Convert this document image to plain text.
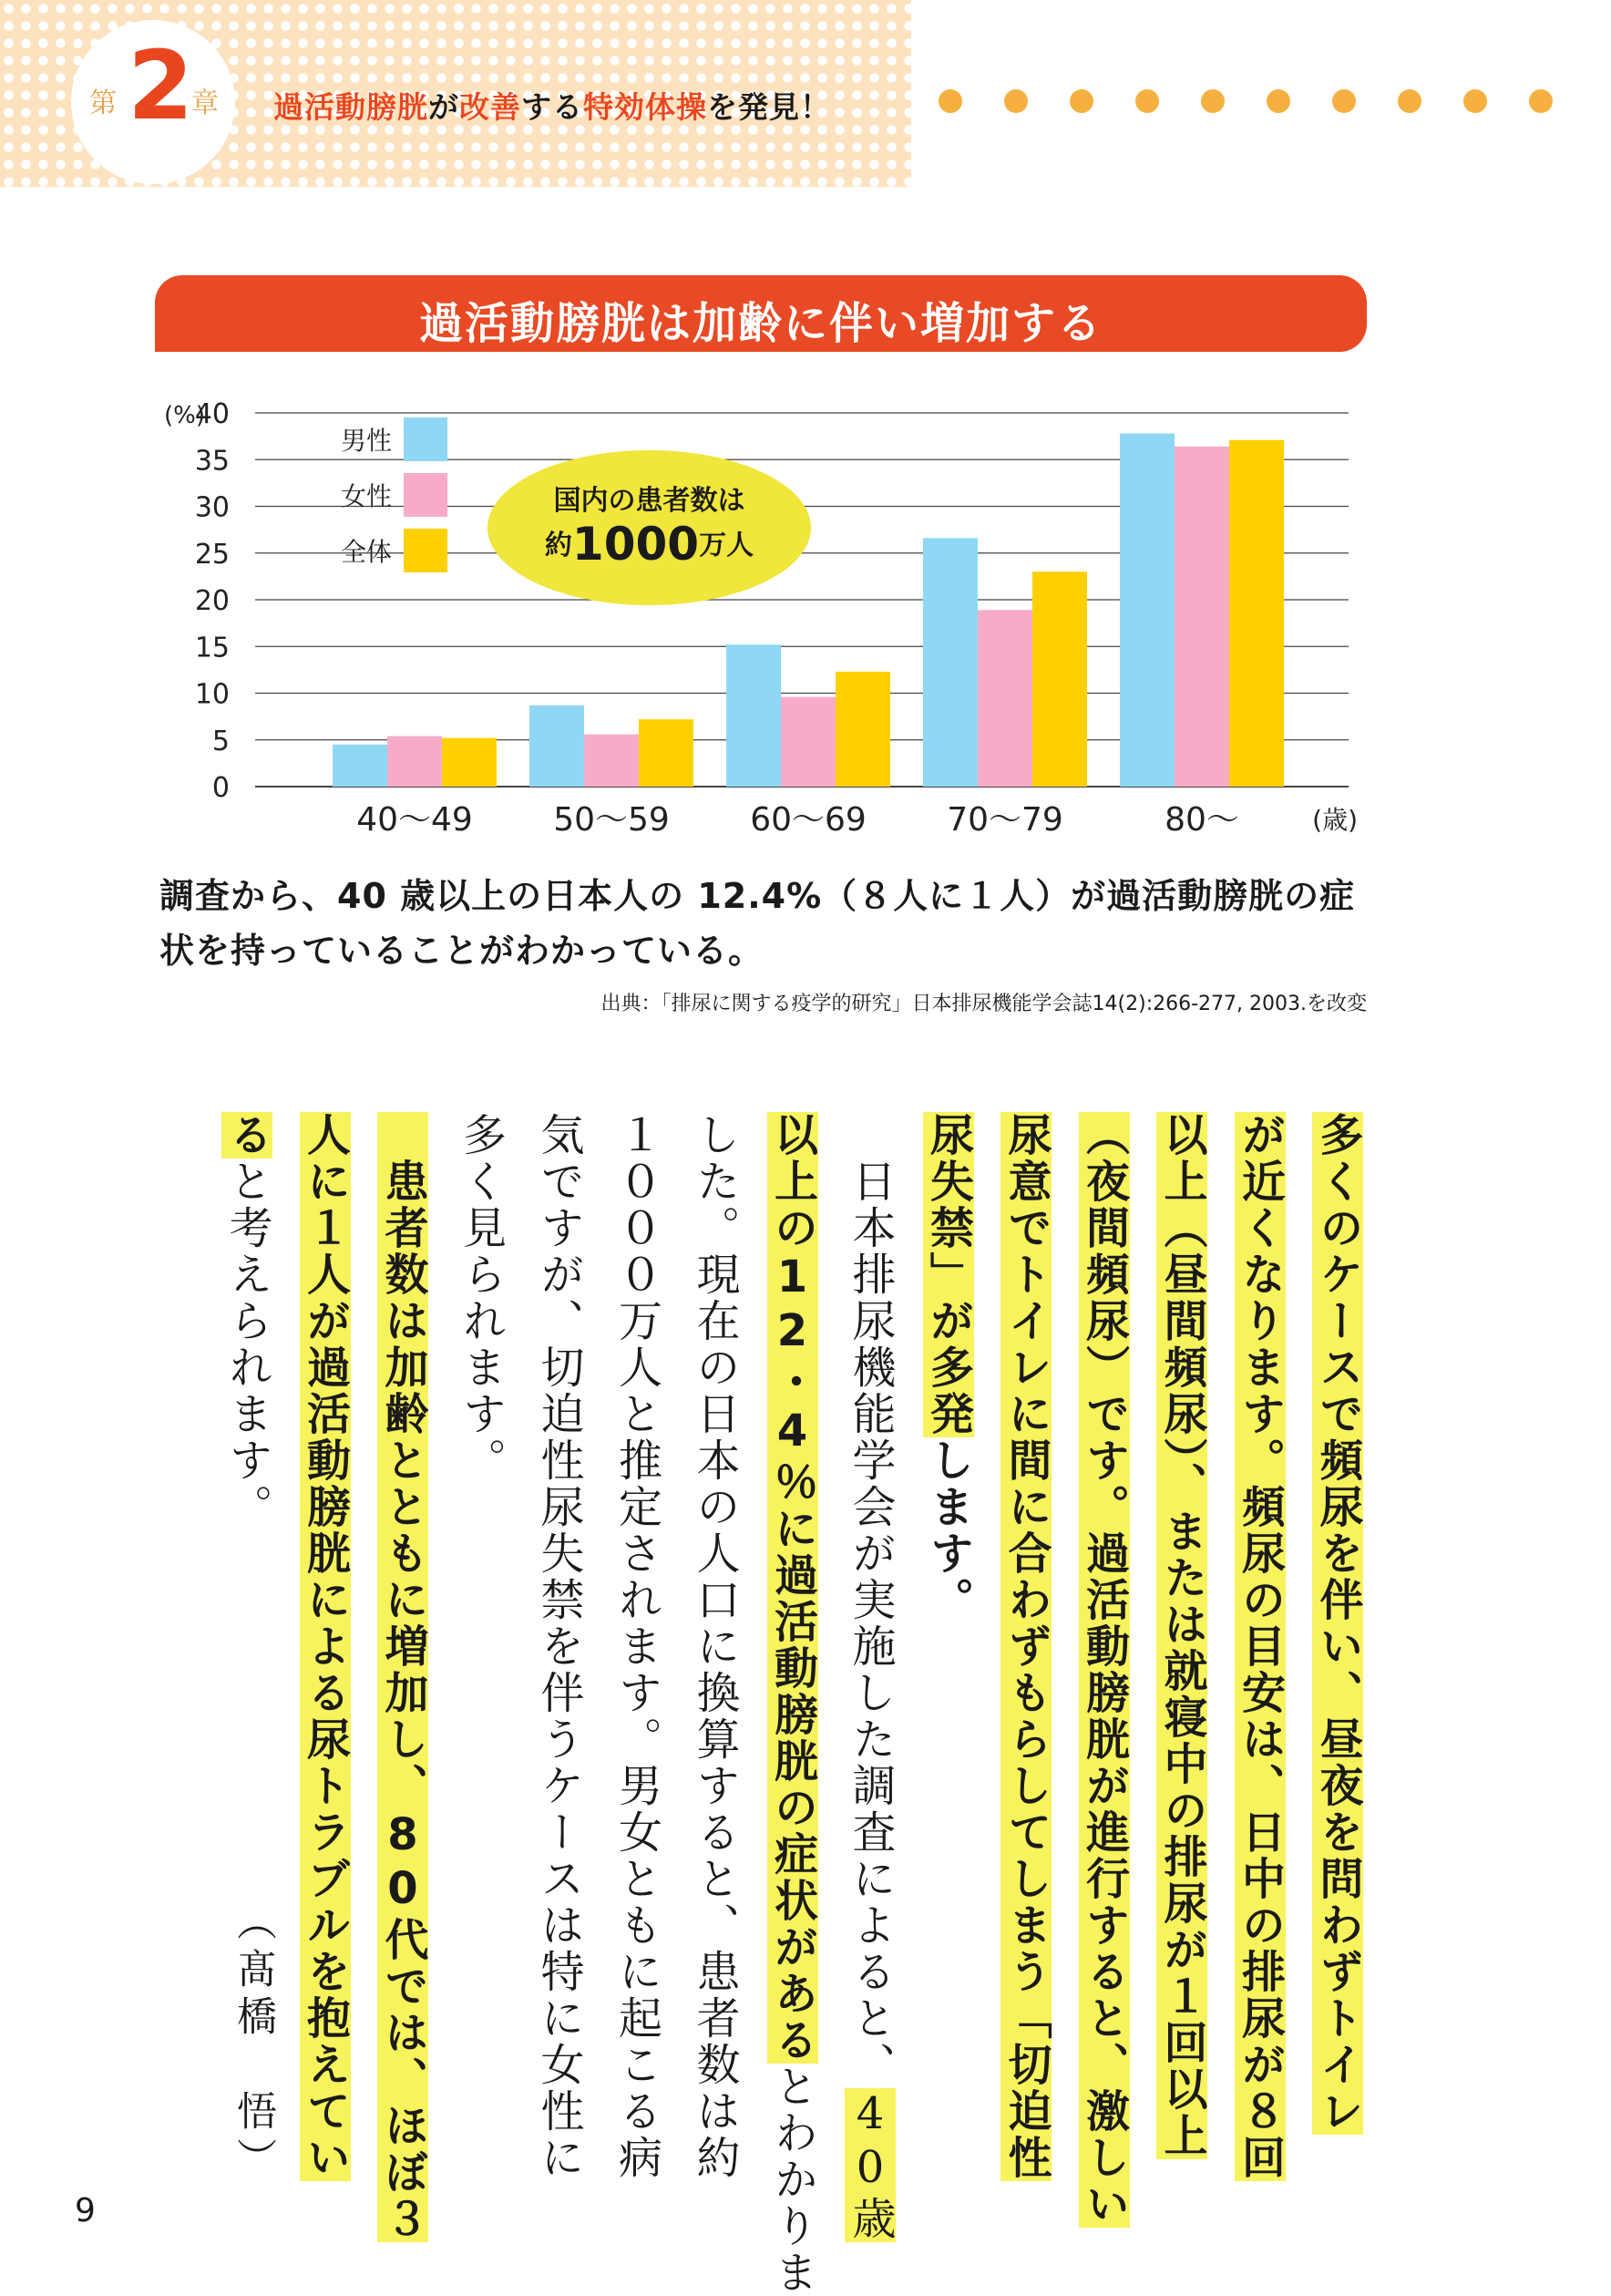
第 2
章 過活動膀胱が改善する特効体操を発見！
過活動膀胱は加齢に伴い増加する
0
5
10
15
20
25
30
35
40
(%)
40〜49 50〜59 60〜69 70〜79	80〜	(歳)
男性
女性
全体
国内の患者数は
約1000万人
調査から、40 歳以上の日本人の 12.4%（８人に１人）が過活動膀胱の症
状を持っていることがわかっている。
出典：「排尿に関する疫学的研究」日本排尿機能学会誌14(2):266-277, 2003.を改変
多くのケースで頻尿を伴い、昼夜を問わずトイレ
が近くなります。頻尿の目安は、日中の排尿が８回
以上（昼間頻尿）、または就寝中の排尿が１回以上
（夜間頻尿）です。過活動膀胱が進行すると、激しい
尿意でトイレに間に合わずもらしてしまう「切迫性
尿失禁」が多発します。
　日本排尿機能学会が実施した調査によると、40歳
以上の12・4％に過活動膀胱の症状があるとわかりま
した。現在の日本の人口に換算すると、患者数は約
１０００万人と推定されます。男女ともに起こる病
気ですが、切迫性尿失禁を伴うケースは特に女性に
多く見られます。
　患者数は加齢とともに増加し、80代では、ほぼ３
人に１人が過活動膀胱による尿トラブルを抱えてい
ると考えられます。
（髙橋　悟）
9
